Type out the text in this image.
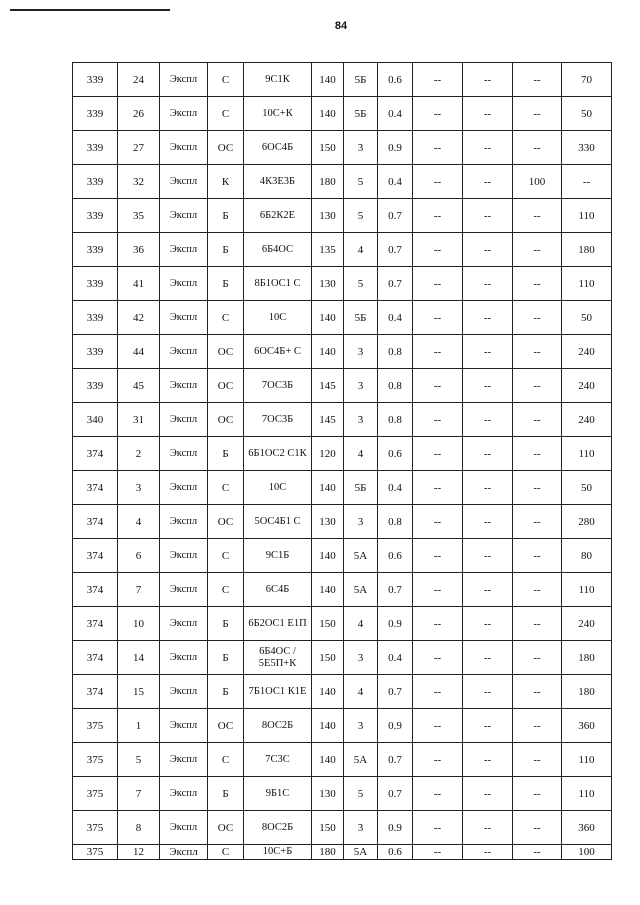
84
339	24	Экспл	С	9С1К	140	5Б	0.6	--	--	--	70
339	26	Экспл	С	10С+К	140	5Б	0.4	--	--	--	50
339	27	Экспл	ОС	6ОС4Б	150	3	0.9	--	--	--	330
339	32	Экспл	К	4К3Е3Б	180	5	0.4	--	--	100	--
339	35	Экспл	Б	6Б2К2Е	130	5	0.7	--	--	--	110
339	36	Экспл	Б	6Б4ОС	135	4	0.7	--	--	--	180
339	41	Экспл	Б	8Б1ОС1 С	130	5	0.7	--	--	--	110
339	42	Экспл	С	10С	140	5Б	0.4	--	--	--	50
339	44	Экспл	ОС	6ОС4Б+ С	140	3	0.8	--	--	--	240
339	45	Экспл	ОС	7ОС3Б	145	3	0.8	--	--	--	240
340	31	Экспл	ОС	7ОС3Б	145	3	0.8	--	--	--	240
374	2	Экспл	Б	6Б1ОС2 С1К	120	4	0.6	--	--	--	110
374	3	Экспл	С	10С	140	5Б	0.4	--	--	--	50
374	4	Экспл	ОС	5ОС4Б1 С	130	3	0.8	--	--	--	280
374	6	Экспл	С	9С1Б	140	5А	0.6	--	--	--	80
374	7	Экспл	С	6С4Б	140	5А	0.7	--	--	--	110
374	10	Экспл	Б	6Б2ОС1 Е1П	150	4	0.9	--	--	--	240
374	14	Экспл	Б	6Б4ОС / 5Е5П+К	150	3	0.4	--	--	--	180
374	15	Экспл	Б	7Б1ОС1 К1Е	140	4	0.7	--	--	--	180
375	1	Экспл	ОС	8ОС2Б	140	3	0.9	--	--	--	360
375	5	Экспл	С	7С3С	140	5А	0.7	--	--	--	110
375	7	Экспл	Б	9Б1С	130	5	0.7	--	--	--	110
375	8	Экспл	ОС	8ОС2Б	150	3	0.9	--	--	--	360
375	12	Экспл	С	10С+Б	180	5А	0.6	--	--	--	100
